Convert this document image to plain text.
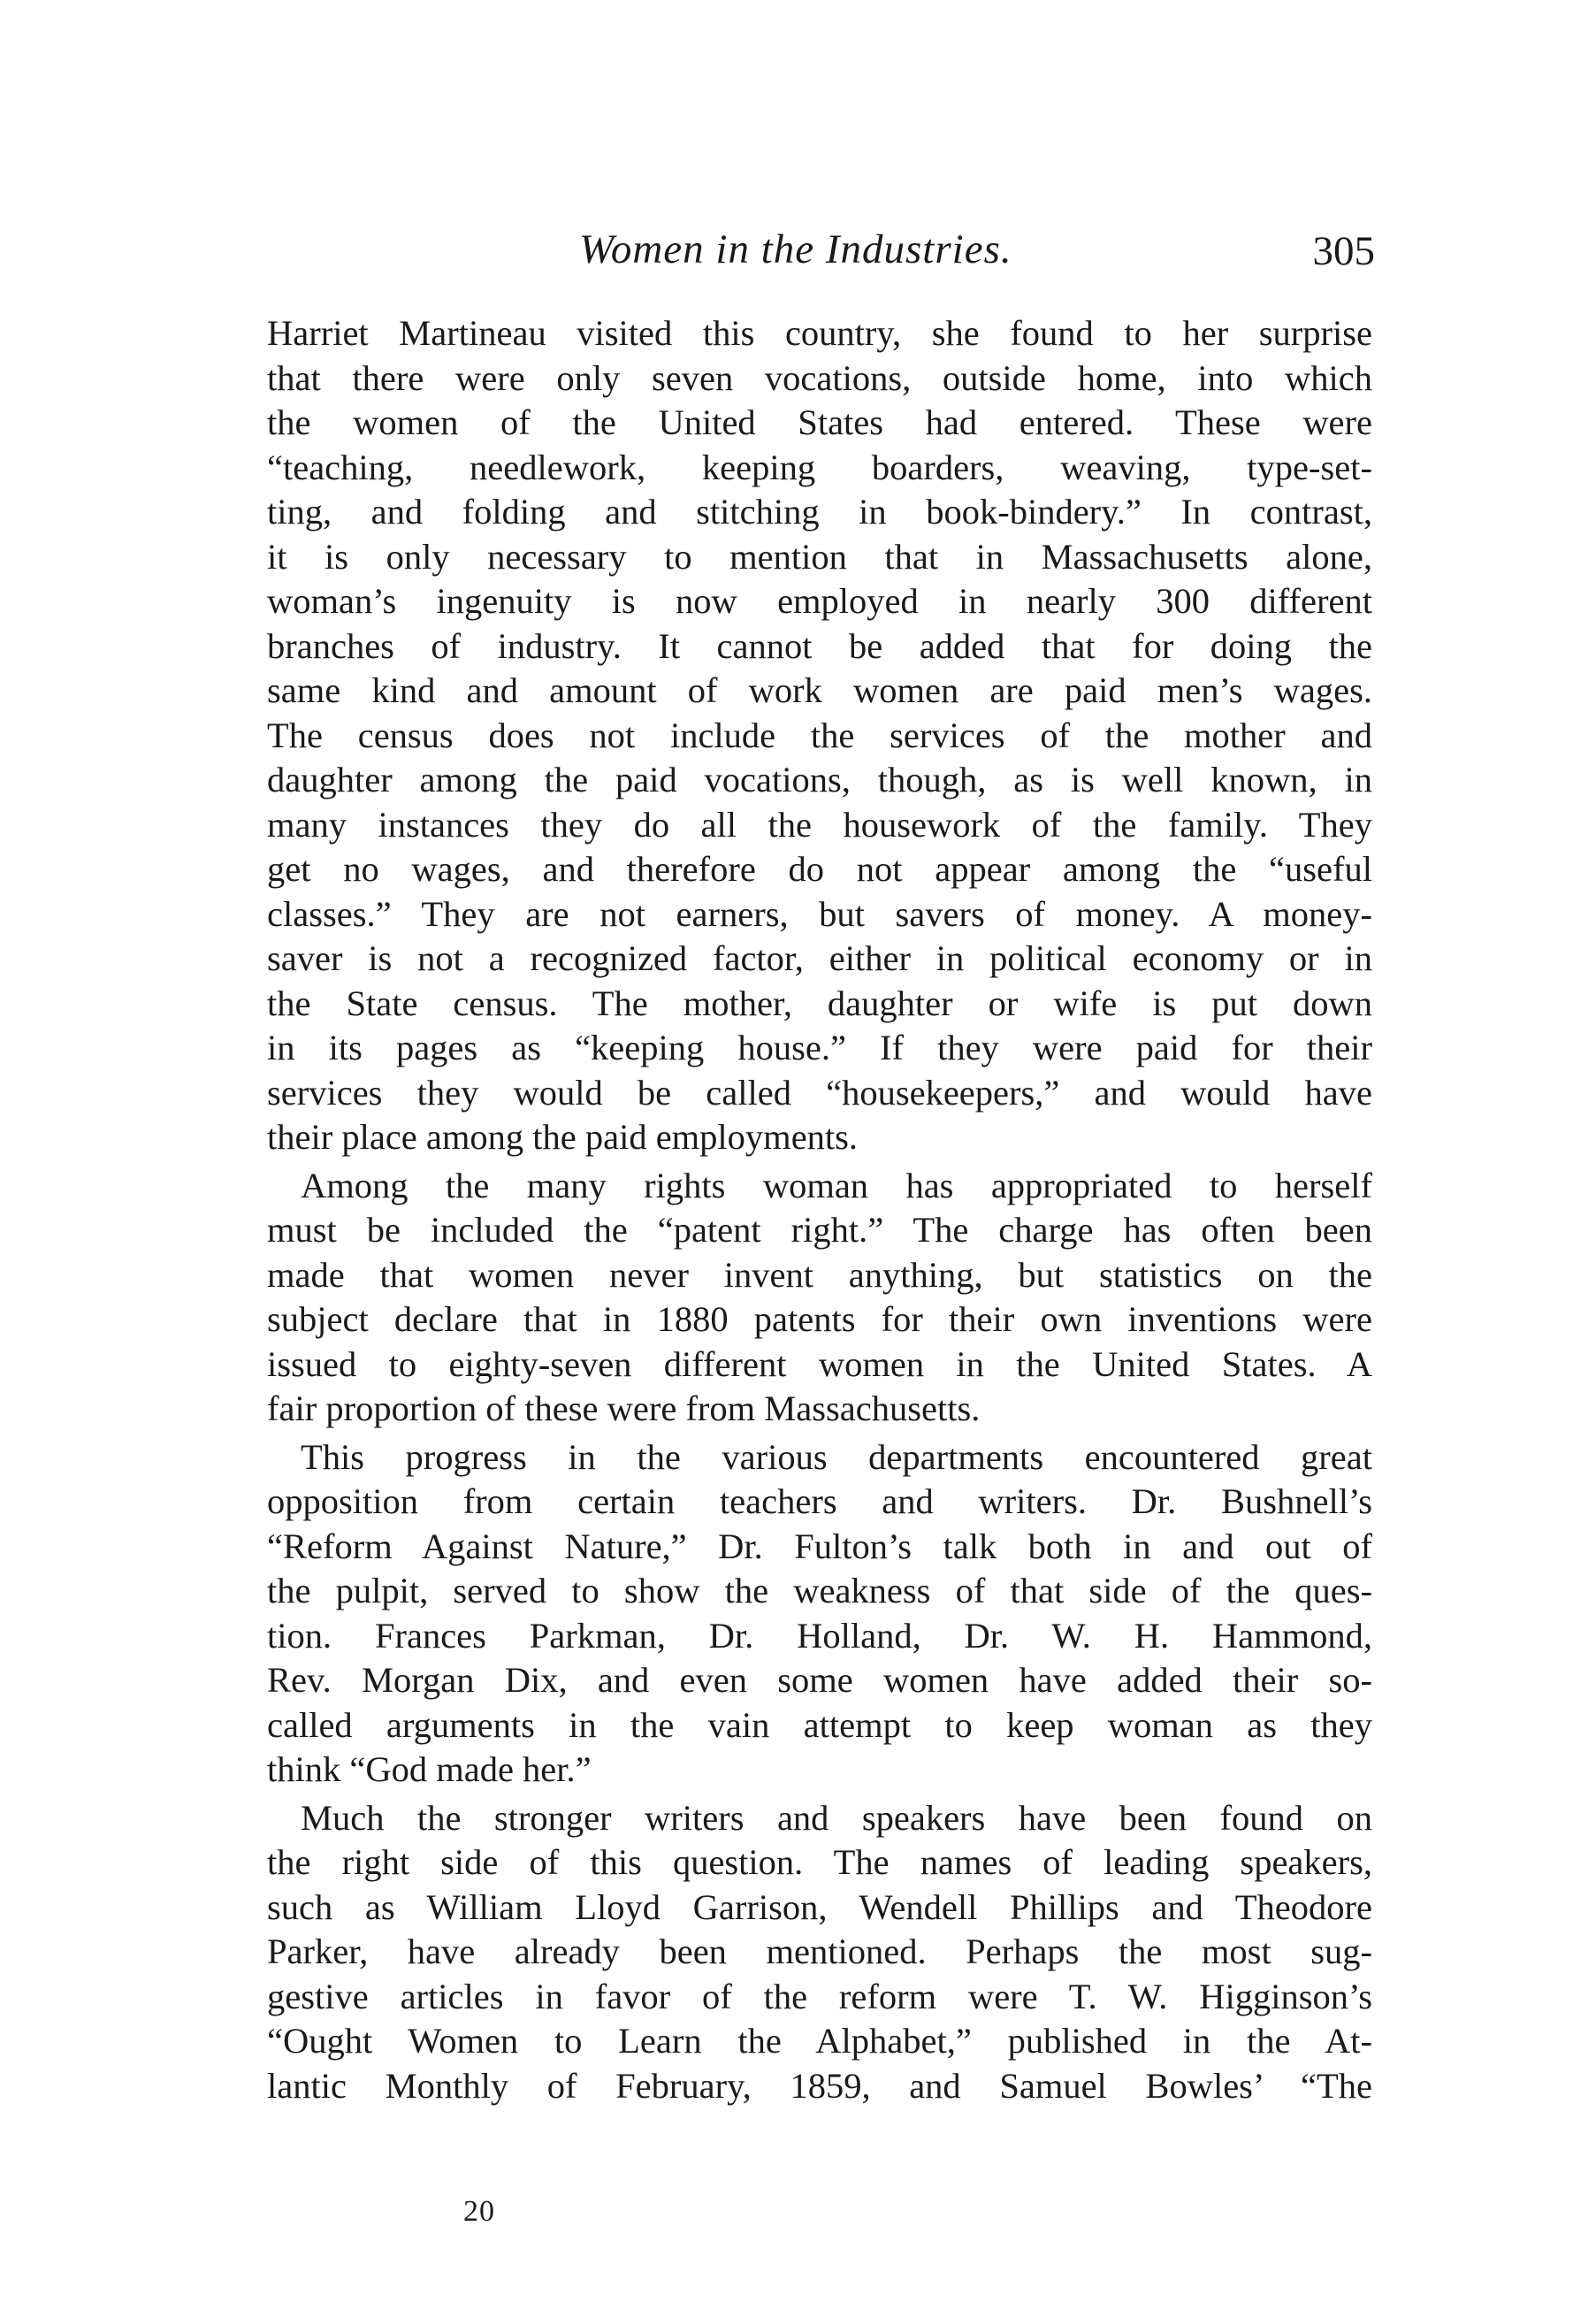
Women in the Industries.	305

Harriet Martineau visited this country, she found to her surprise
that there were only seven vocations, outside home, into which
the women of the United States had entered. These were
“teaching, needlework, keeping boarders, weaving, type-set-
ting, and folding and stitching in book-bindery.” In contrast,
it is only necessary to mention that in Massachusetts alone,
woman’s ingenuity is now employed in nearly 300 different
branches of industry. It cannot be added that for doing the
same kind and amount of work women are paid men’s wages.
The census does not include the services of the mother and
daughter among the paid vocations, though, as is well known, in
many instances they do all the housework of the family. They
get no wages, and therefore do not appear among the “useful
classes.” They are not earners, but savers of money. A money-
saver is not a recognized factor, either in political economy or in
the State census. The mother, daughter or wife is put down
in its pages as “keeping house.” If they were paid for their
services they would be called “housekeepers,” and would have
their place among the paid employments.

Among the many rights woman has appropriated to herself
must be included the “patent right.” The charge has often been
made that women never invent anything, but statistics on the
subject declare that in 1880 patents for their own inventions were
issued to eighty-seven different women in the United States. A
fair proportion of these were from Massachusetts.

This progress in the various departments encountered great
opposition from certain teachers and writers. Dr. Bushnell’s
“Reform Against Nature,” Dr. Fulton’s talk both in and out of
the pulpit, served to show the weakness of that side of the ques-
tion. Frances Parkman, Dr. Holland, Dr. W. H. Hammond,
Rev. Morgan Dix, and even some women have added their so-
called arguments in the vain attempt to keep woman as they
think “God made her.”

Much the stronger writers and speakers have been found on
the right side of this question. The names of leading speakers,
such as William Lloyd Garrison, Wendell Phillips and Theodore
Parker, have already been mentioned. Perhaps the most sug-
gestive articles in favor of the reform were T. W. Higginson’s
“Ought Women to Learn the Alphabet,” published in the At-
lantic Monthly of February, 1859, and Samuel Bowles’ “The

20
